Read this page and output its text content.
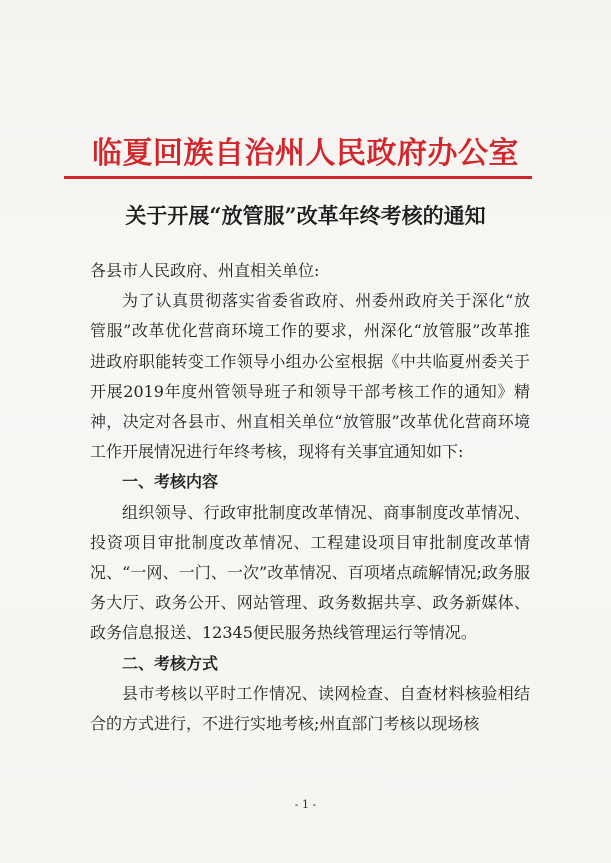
临夏回族自治州人民政府办公室
关于开展“放管服”改革年终考核的通知

各县市人民政府、州直相关单位:

为了认真贯彻落实省委省政府、州委州政府关于深化“放管服”改革优化营商环境工作的要求，州深化“放管服”改革推进政府职能转变工作领导小组办公室根据《中共临夏州委关于开展2019年度州管领导班子和领导干部考核工作的通知》精神，决定对各县市、州直相关单位“放管服”改革优化营商环境工作开展情况进行年终考核，现将有关事宜通知如下:

一、考核内容

组织领导、行政审批制度改革情况、商事制度改革情况、投资项目审批制度改革情况、工程建设项目审批制度改革情况、“一网、一门、一次”改革情况、百项堵点疏解情况;政务服务大厅、政务公开、网站管理、政务数据共享、政务新媒体、政务信息报送、12345便民服务热线管理运行等情况。

二、考核方式

县市考核以平时工作情况、读网检查、自查材料核验相结合的方式进行，不进行实地考核;州直部门考核以现场核

- 1 -
